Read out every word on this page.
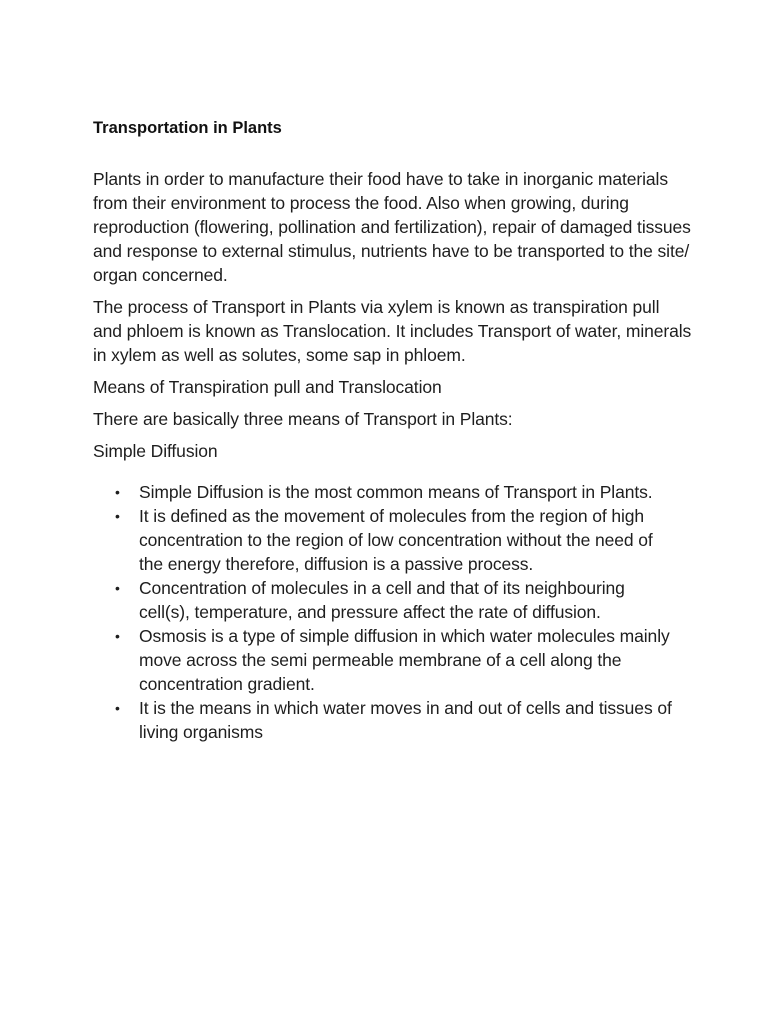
Transportation in Plants

Plants in order to manufacture their food have to take in inorganic materials from their environment to process the food. Also when growing, during reproduction (flowering, pollination and fertilization), repair of damaged tissues and response to external stimulus, nutrients have to be transported to the site/ organ concerned.

The process of Transport in Plants via xylem is known as transpiration pull and phloem is known as Translocation. It includes Transport of water, minerals in xylem as well as solutes, some sap in phloem.

Means of Transpiration pull and Translocation

There are basically three means of Transport in Plants:

Simple Diffusion

• Simple Diffusion is the most common means of Transport in Plants.
• It is defined as the movement of molecules from the region of high concentration to the region of low concentration without the need of the energy therefore, diffusion is a passive process.
• Concentration of molecules in a cell and that of its neighbouring cell(s), temperature, and pressure affect the rate of diffusion.
• Osmosis is a type of simple diffusion in which water molecules mainly move across the semi permeable membrane of a cell along the concentration gradient.
• It is the means in which water moves in and out of cells and tissues of living organisms
